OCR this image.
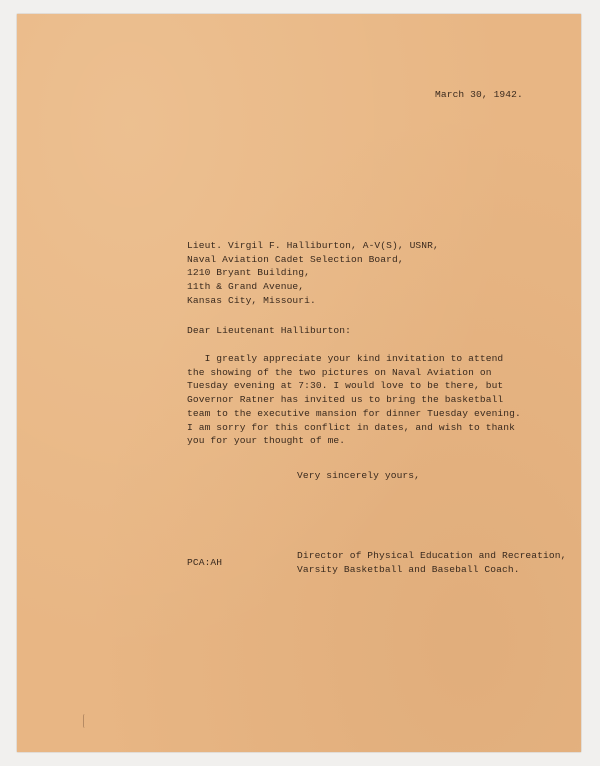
March 30, 1942.
Lieut. Virgil F. Halliburton, A-V(S), USNR,
Naval Aviation Cadet Selection Board,
1210 Bryant Building,
11th & Grand Avenue,
Kansas City, Missouri.
Dear Lieutenant Halliburton:
I greatly appreciate your kind invitation to attend
the showing of the two pictures on Naval Aviation on
Tuesday evening at 7:30. I would love to be there, but
Governor Ratner has invited us to bring the basketball
team to the executive mansion for dinner Tuesday evening.
I am sorry for this conflict in dates, and wish to thank
you for your thought of me.
Very sincerely yours,
Director of Physical Education and Recreation,
Varsity Basketball and Baseball Coach.
PCA:AH
